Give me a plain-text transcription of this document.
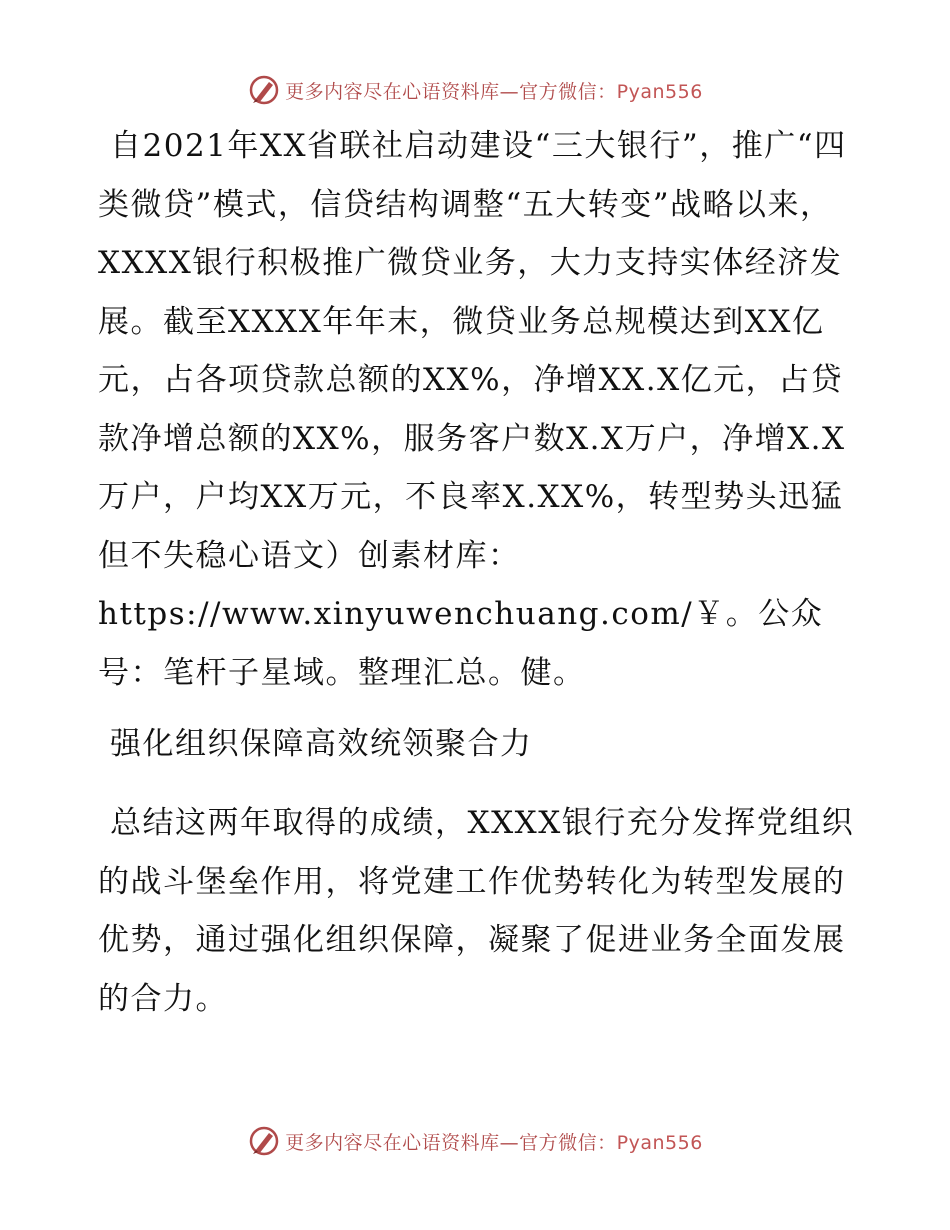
更多内容尽在心语资料库—官方微信：Pyan556

自2021年XX省联社启动建设“三大银行”，推广“四类微贷”模式，信贷结构调整“五大转变”战略以来，XXXX银行积极推广微贷业务，大力支持实体经济发展。截至XXXX年年末，微贷业务总规模达到XX亿元，占各项贷款总额的XX%，净增XX.X亿元，占贷款净增总额的XX%，服务客户数X.X万户，净增X.X万户，户均XX万元，不良率X.XX%，转型势头迅猛但不失稳心语文）创素材库：https://www.xinyuwenchuang.com/￥。公众号：笔杆子星域。整理汇总。健。

强化组织保障高效统领聚合力

总结这两年取得的成绩，XXXX银行充分发挥党组织的战斗堡垒作用，将党建工作优势转化为转型发展的优势，通过强化组织保障，凝聚了促进业务全面发展的合力。

更多内容尽在心语资料库—官方微信：Pyan556
